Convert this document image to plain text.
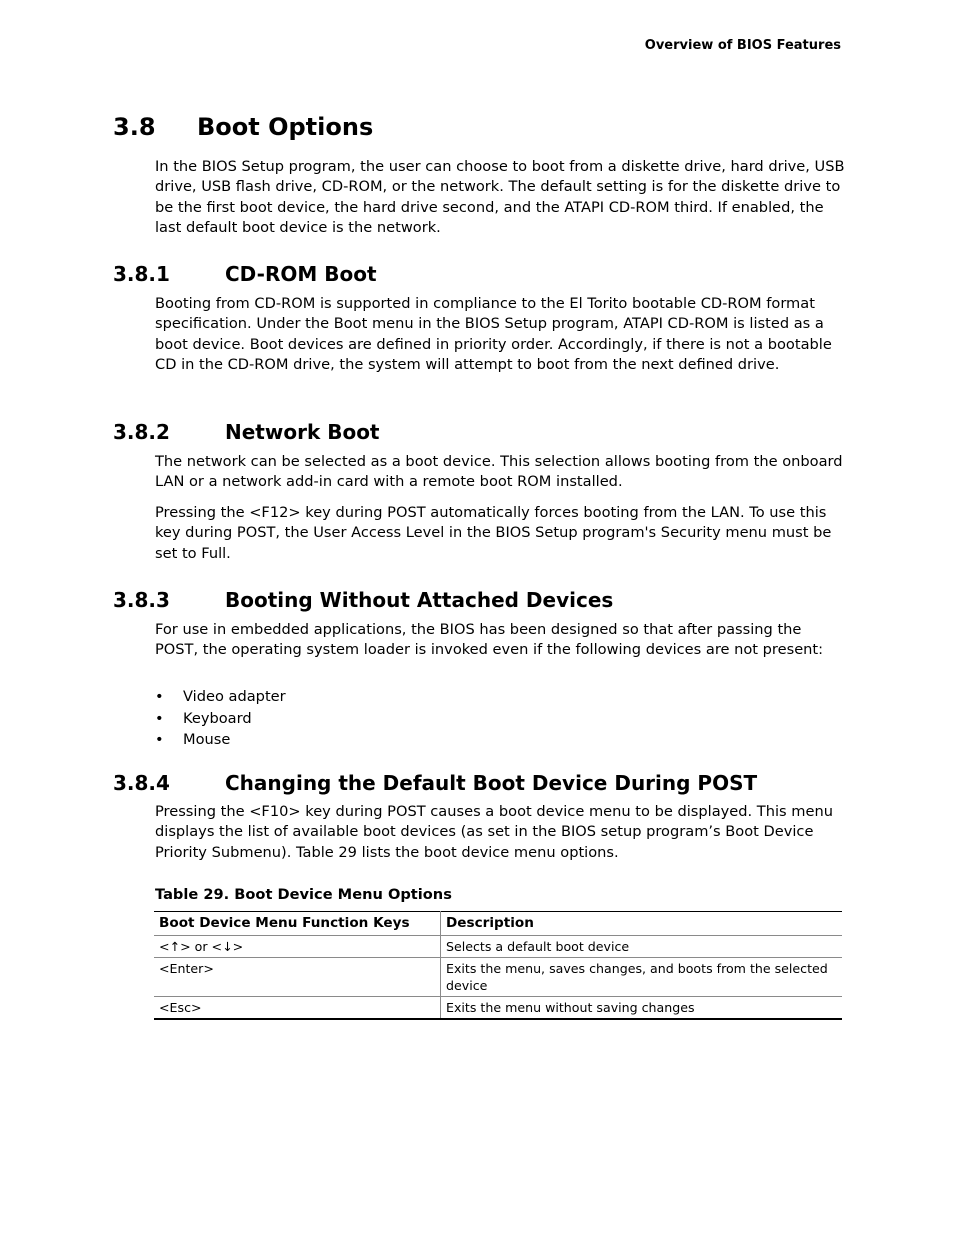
Overview of BIOS Features
3.8 Boot Options

In the BIOS Setup program, the user can choose to boot from a diskette drive, hard drive, USB drive, USB flash drive, CD-ROM, or the network. The default setting is for the diskette drive to be the first boot device, the hard drive second, and the ATAPI CD-ROM third. If enabled, the last default boot device is the network.

3.8.1	CD-ROM Boot

Booting from CD-ROM is supported in compliance to the El Torito bootable CD-ROM format specification. Under the Boot menu in the BIOS Setup program, ATAPI CD-ROM is listed as a boot device. Boot devices are defined in priority order. Accordingly, if there is not a bootable CD in the CD-ROM drive, the system will attempt to boot from the next defined drive.

3.8.2	Network Boot

The network can be selected as a boot device. This selection allows booting from the onboard LAN or a network add-in card with a remote boot ROM installed.

Pressing the <F12> key during POST automatically forces booting from the LAN. To use this key during POST, the User Access Level in the BIOS Setup program's Security menu must be set to Full.

3.8.3	Booting Without Attached Devices

For use in embedded applications, the BIOS has been designed so that after passing the POST, the operating system loader is invoked even if the following devices are not present:

• Video adapter
• Keyboard
• Mouse
3.8.4	Changing the Default Boot Device During POST

Pressing the <F10> key during POST causes a boot device menu to be displayed. This menu displays the list of available boot devices (as set in the BIOS setup program’s Boot Device Priority Submenu). Table 29 lists the boot device menu options.

Table 29. Boot Device Menu Options
Boot Device Menu Function Keys	Description
<↑> or <↓>	Selects a default boot device
<Enter>	Exits the menu, saves changes, and boots from the selected device
<Esc>	Exits the menu without saving changes
